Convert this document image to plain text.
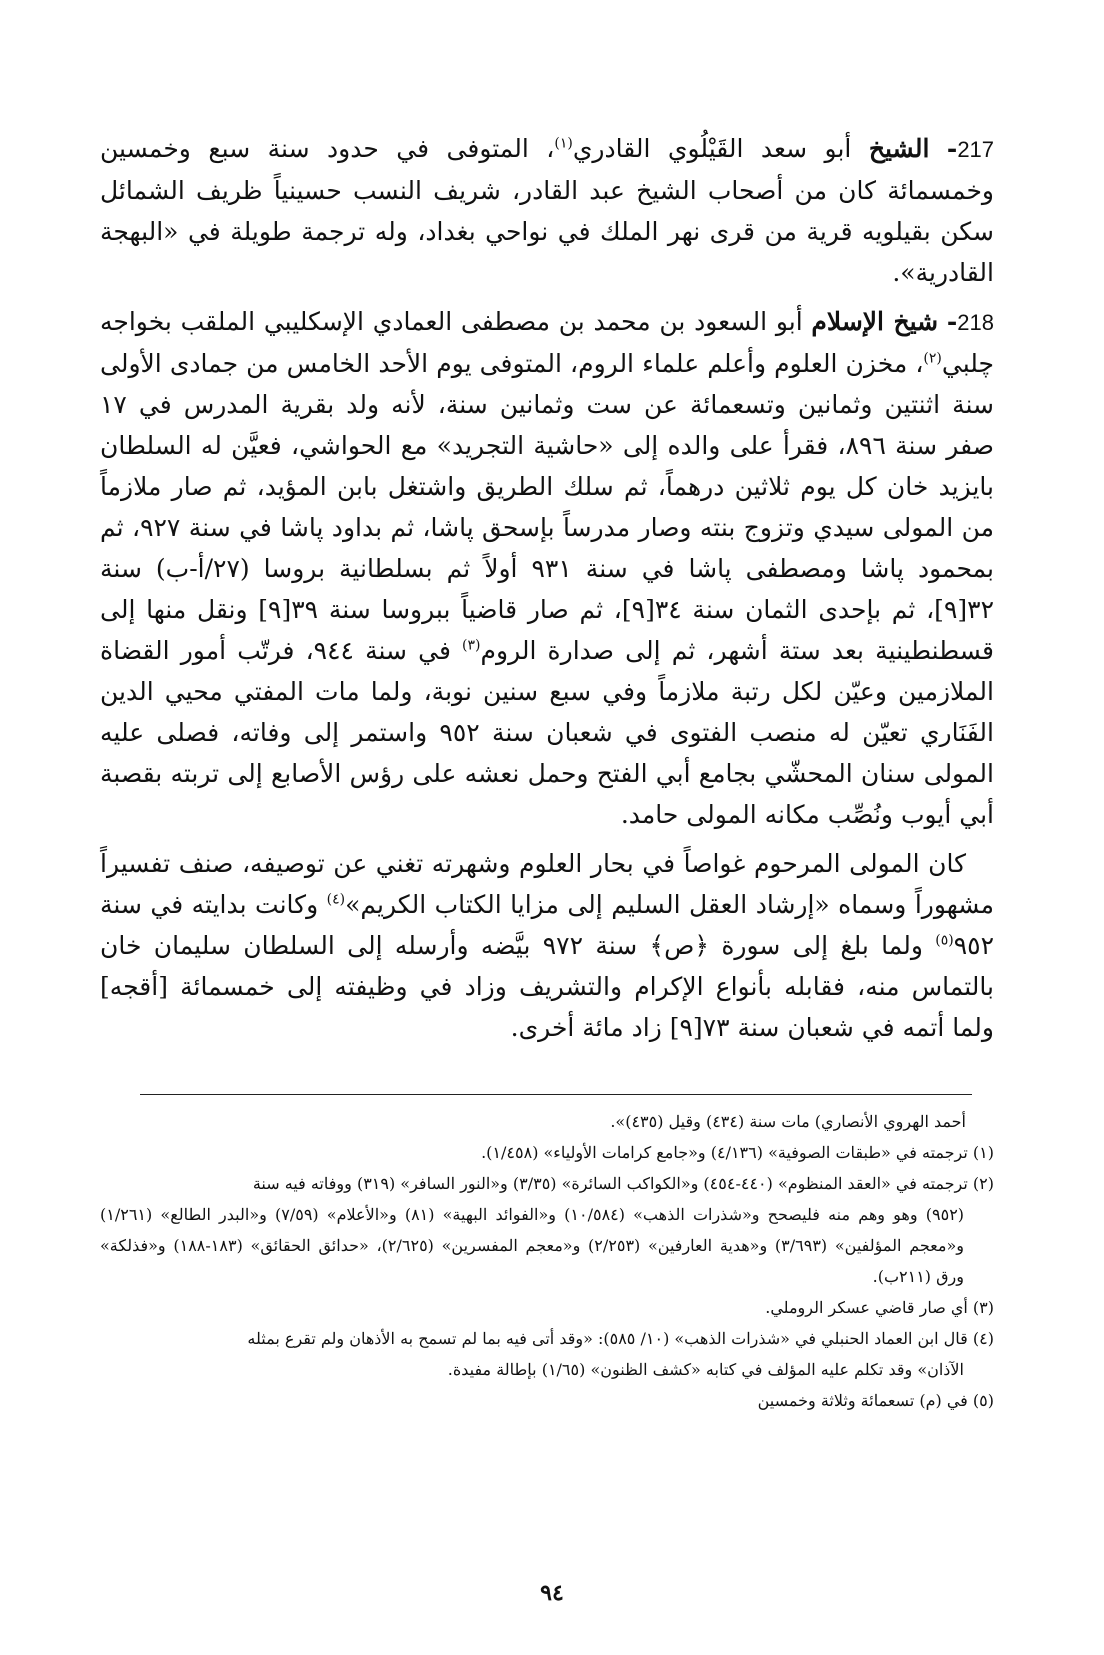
217- الشيخ أبو سعد القَيْلُوي القادري$^{(١)}$، المتوفى في حدود سنة سبع وخمسين وخمسمائة كان من أصحاب الشيخ عبد القادر، شريف النسب حسينياً ظريف الشمائل سكن بقيلويه قرية من قرى نهر الملك في نواحي بغداد، وله ترجمة طويلة في «البهجة القادرية».

218- شيخ الإسلام أبو السعود بن محمد بن مصطفى العمادي الإسكليبي الملقب بخواجه چلبي$^{(٢)}$، مخزن العلوم وأعلم علماء الروم، المتوفى يوم الأحد الخامس من جمادى الأولى سنة اثنتين وثمانين وتسعمائة عن ست وثمانين سنة، لأنه ولد بقرية المدرس في ١٧ صفر سنة ٨٩٦، فقرأ على والده إلى «حاشية التجريد» مع الحواشي، فعيَّن له السلطان بايزيد خان كل يوم ثلاثين درهماً، ثم سلك الطريق واشتغل بابن المؤيد، ثم صار ملازماً من المولى سيدي وتزوج بنته وصار مدرساً بإسحق پاشا، ثم بداود پاشا في سنة ٩٢٧، ثم بمحمود پاشا ومصطفى پاشا في سنة ٩٣١ أولاً ثم بسلطانية بروسا (٢٧/أ-ب) سنة ٣٢[٩]، ثم بإحدى الثمان سنة ٣٤[٩]، ثم صار قاضياً ببروسا سنة ٣٩[٩] ونقل منها إلى قسطنطينية بعد ستة أشهر، ثم إلى صدارة الروم$^{(٣)}$ في سنة ٩٤٤، فرتّب أمور القضاة الملازمين وعيّن لكل رتبة ملازماً وفي سبع سنين نوبة، ولما مات المفتي محيي الدين الفَنَاري تعيّن له منصب الفتوى في شعبان سنة ٩٥٢ واستمر إلى وفاته، فصلى عليه المولى سنان المحشّي بجامع أبي الفتح وحمل نعشه على رؤس الأصابع إلى تربته بقصبة أبي أيوب ونُصِّب مكانه المولى حامد.

كان المولى المرحوم غواصاً في بحار العلوم وشهرته تغني عن توصيفه، صنف تفسيراً مشهوراً وسماه «إرشاد العقل السليم إلى مزايا الكتاب الكريم»$^{(٤)}$ وكانت بدايته في سنة ٩٥٢$^{(٥)}$ ولما بلغ إلى سورة ﴿ص﴾ سنة ٩٧٢ بيَّضه وأرسله إلى السلطان سليمان خان بالتماس منه، فقابله بأنواع الإكرام والتشريف وزاد في وظيفته إلى خمسمائة [أقجه] ولما أتمه في شعبان سنة ٧٣[٩] زاد مائة أخرى.

أحمد الهروي الأنصاري) مات سنة (٤٣٤) وقيل (٤٣٥)».

(١) ترجمته في «طبقات الصوفية» (٤/١٣٦) و«جامع كرامات الأولياء» (١/٤٥٨).

(٢) ترجمته في «العقد المنظوم» (٤٤٠-٤٥٤) و«الكواكب السائرة» (٣/٣٥) و«النور السافر» (٣١٩) ووفاته فيه سنة
(٩٥٢) وهو وهم منه فليصحح و«شذرات الذهب» (١٠/٥٨٤) و«الفوائد البهية» (٨١) و«الأعلام» (٧/٥٩) و«البدر الطالع» (١/٢٦١) و«معجم المؤلفين» (٣/٦٩٣) و«هدية العارفين» (٢/٢٥٣) و«معجم المفسرين» (٢/٦٢٥)، «حدائق الحقائق» (١٨٣-١٨٨) و«فذلكة» ورق (٢١١ب).

(٣) أي صار قاضي عسكر الروملي.

(٤) قال ابن العماد الحنبلي في «شذرات الذهب» (١٠/ ٥٨٥): «وقد أتى فيه بما لم تسمح به الأذهان ولم تقرع بمثله
الآذان» وقد تكلم عليه المؤلف في كتابه «كشف الظنون» (١/٦٥) بإطالة مفيدة.

(٥) في (م) تسعمائة وثلاثة وخمسين

٩٤
